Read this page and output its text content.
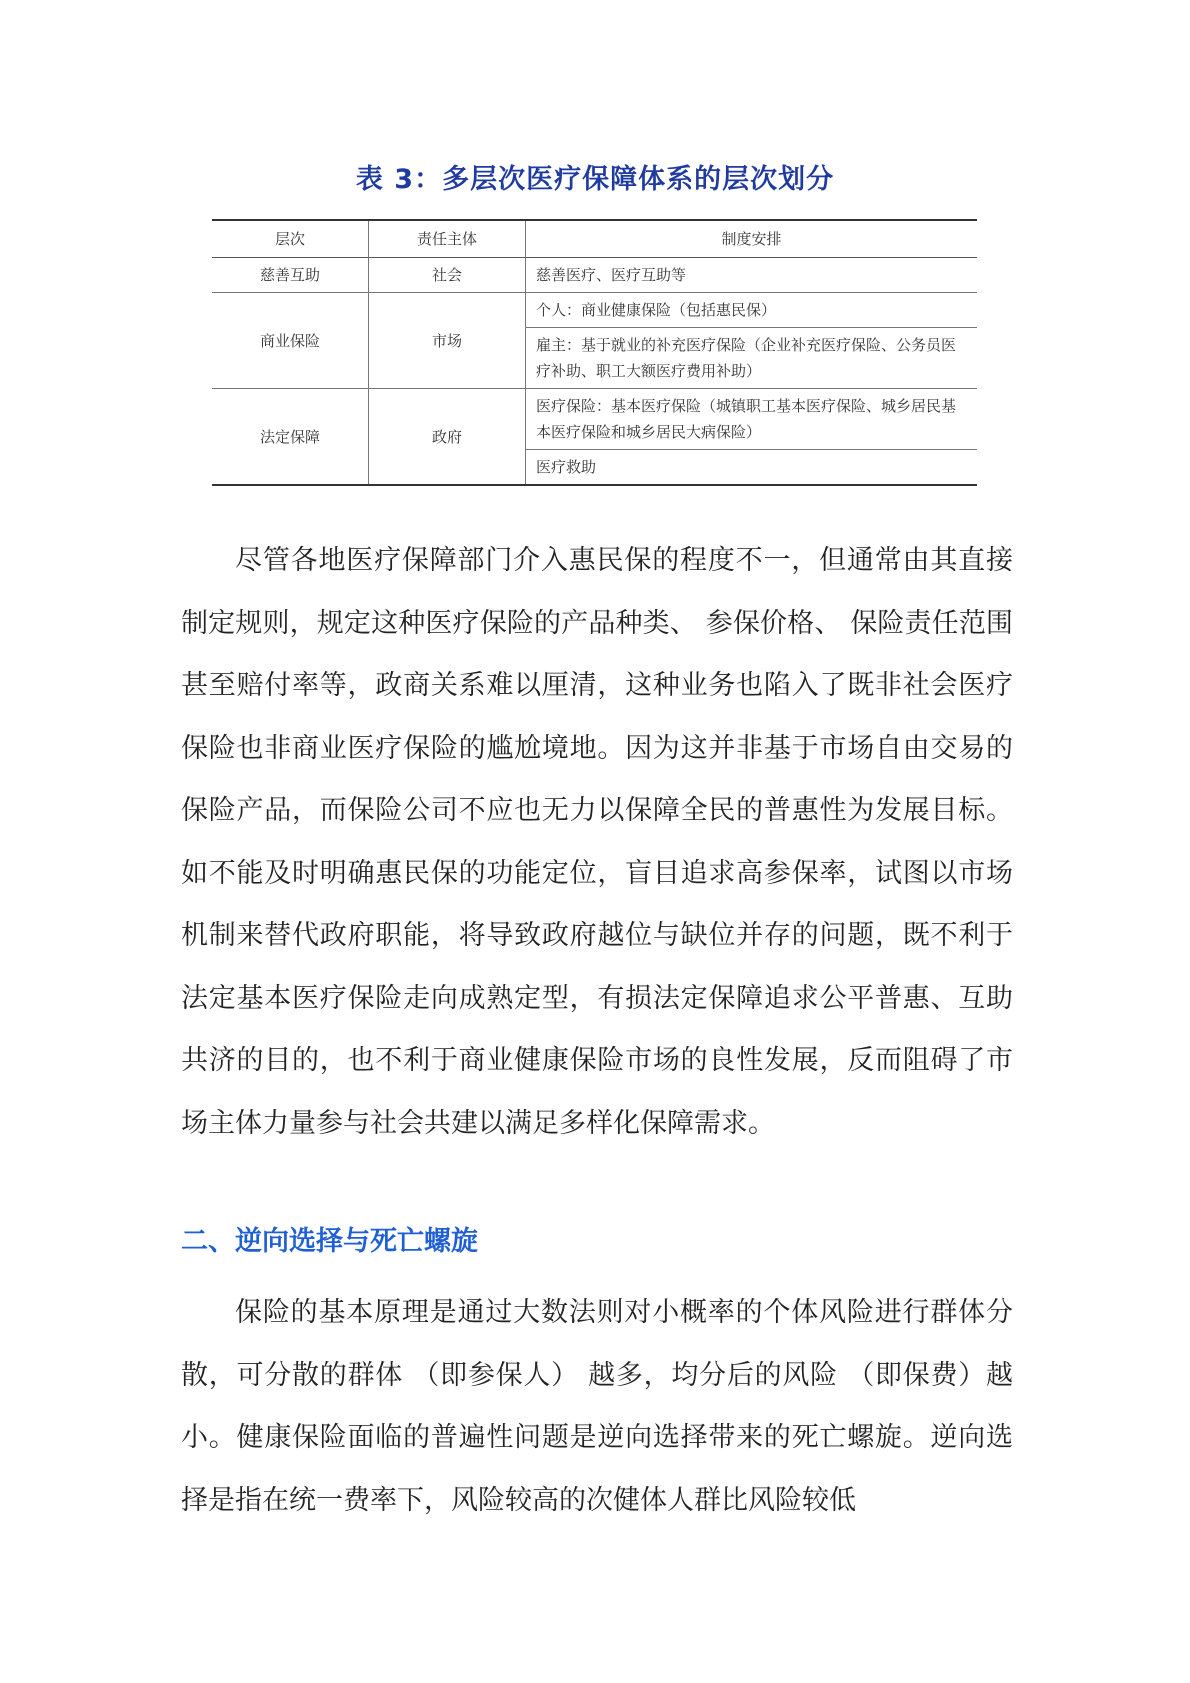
表 3：多层次医疗保障体系的层次划分
层次	责任主体	制度安排
慈善互助	社会	慈善医疗、医疗互助等
商业保险	市场	个人：商业健康保险（包括惠民保）
		雇主：基于就业的补充医疗保险（企业补充医疗保险、公务员医疗补助、职工大额医疗费用补助）
法定保障	政府	医疗保险：基本医疗保险（城镇职工基本医疗保险、城乡居民基本医疗保险和城乡居民大病保险）
		医疗救助

尽管各地医疗保障部门介入惠民保的程度不一，但通常由其直接制定规则，规定这种医疗保险的产品种类、 参保价格、 保险责任范围甚至赔付率等，政商关系难以厘清，这种业务也陷入了既非社会医疗保险也非商业医疗保险的尴尬境地。因为这并非基于市场自由交易的保险产品，而保险公司不应也无力以保障全民的普惠性为发展目标。如不能及时明确惠民保的功能定位，盲目追求高参保率，试图以市场机制来替代政府职能，将导致政府越位与缺位并存的问题，既不利于法定基本医疗保险走向成熟定型，有损法定保障追求公平普惠、互助共济的目的，也不利于商业健康保险市场的良性发展，反而阻碍了市场主体力量参与社会共建以满足多样化保障需求。

二、逆向选择与死亡螺旋

保险的基本原理是通过大数法则对小概率的个体风险进行群体分散，可分散的群体 （即参保人） 越多，均分后的风险 （即保费）越小。健康保险面临的普遍性问题是逆向选择带来的死亡螺旋。逆向选择是指在统一费率下，风险较高的次健体人群比风险较低
